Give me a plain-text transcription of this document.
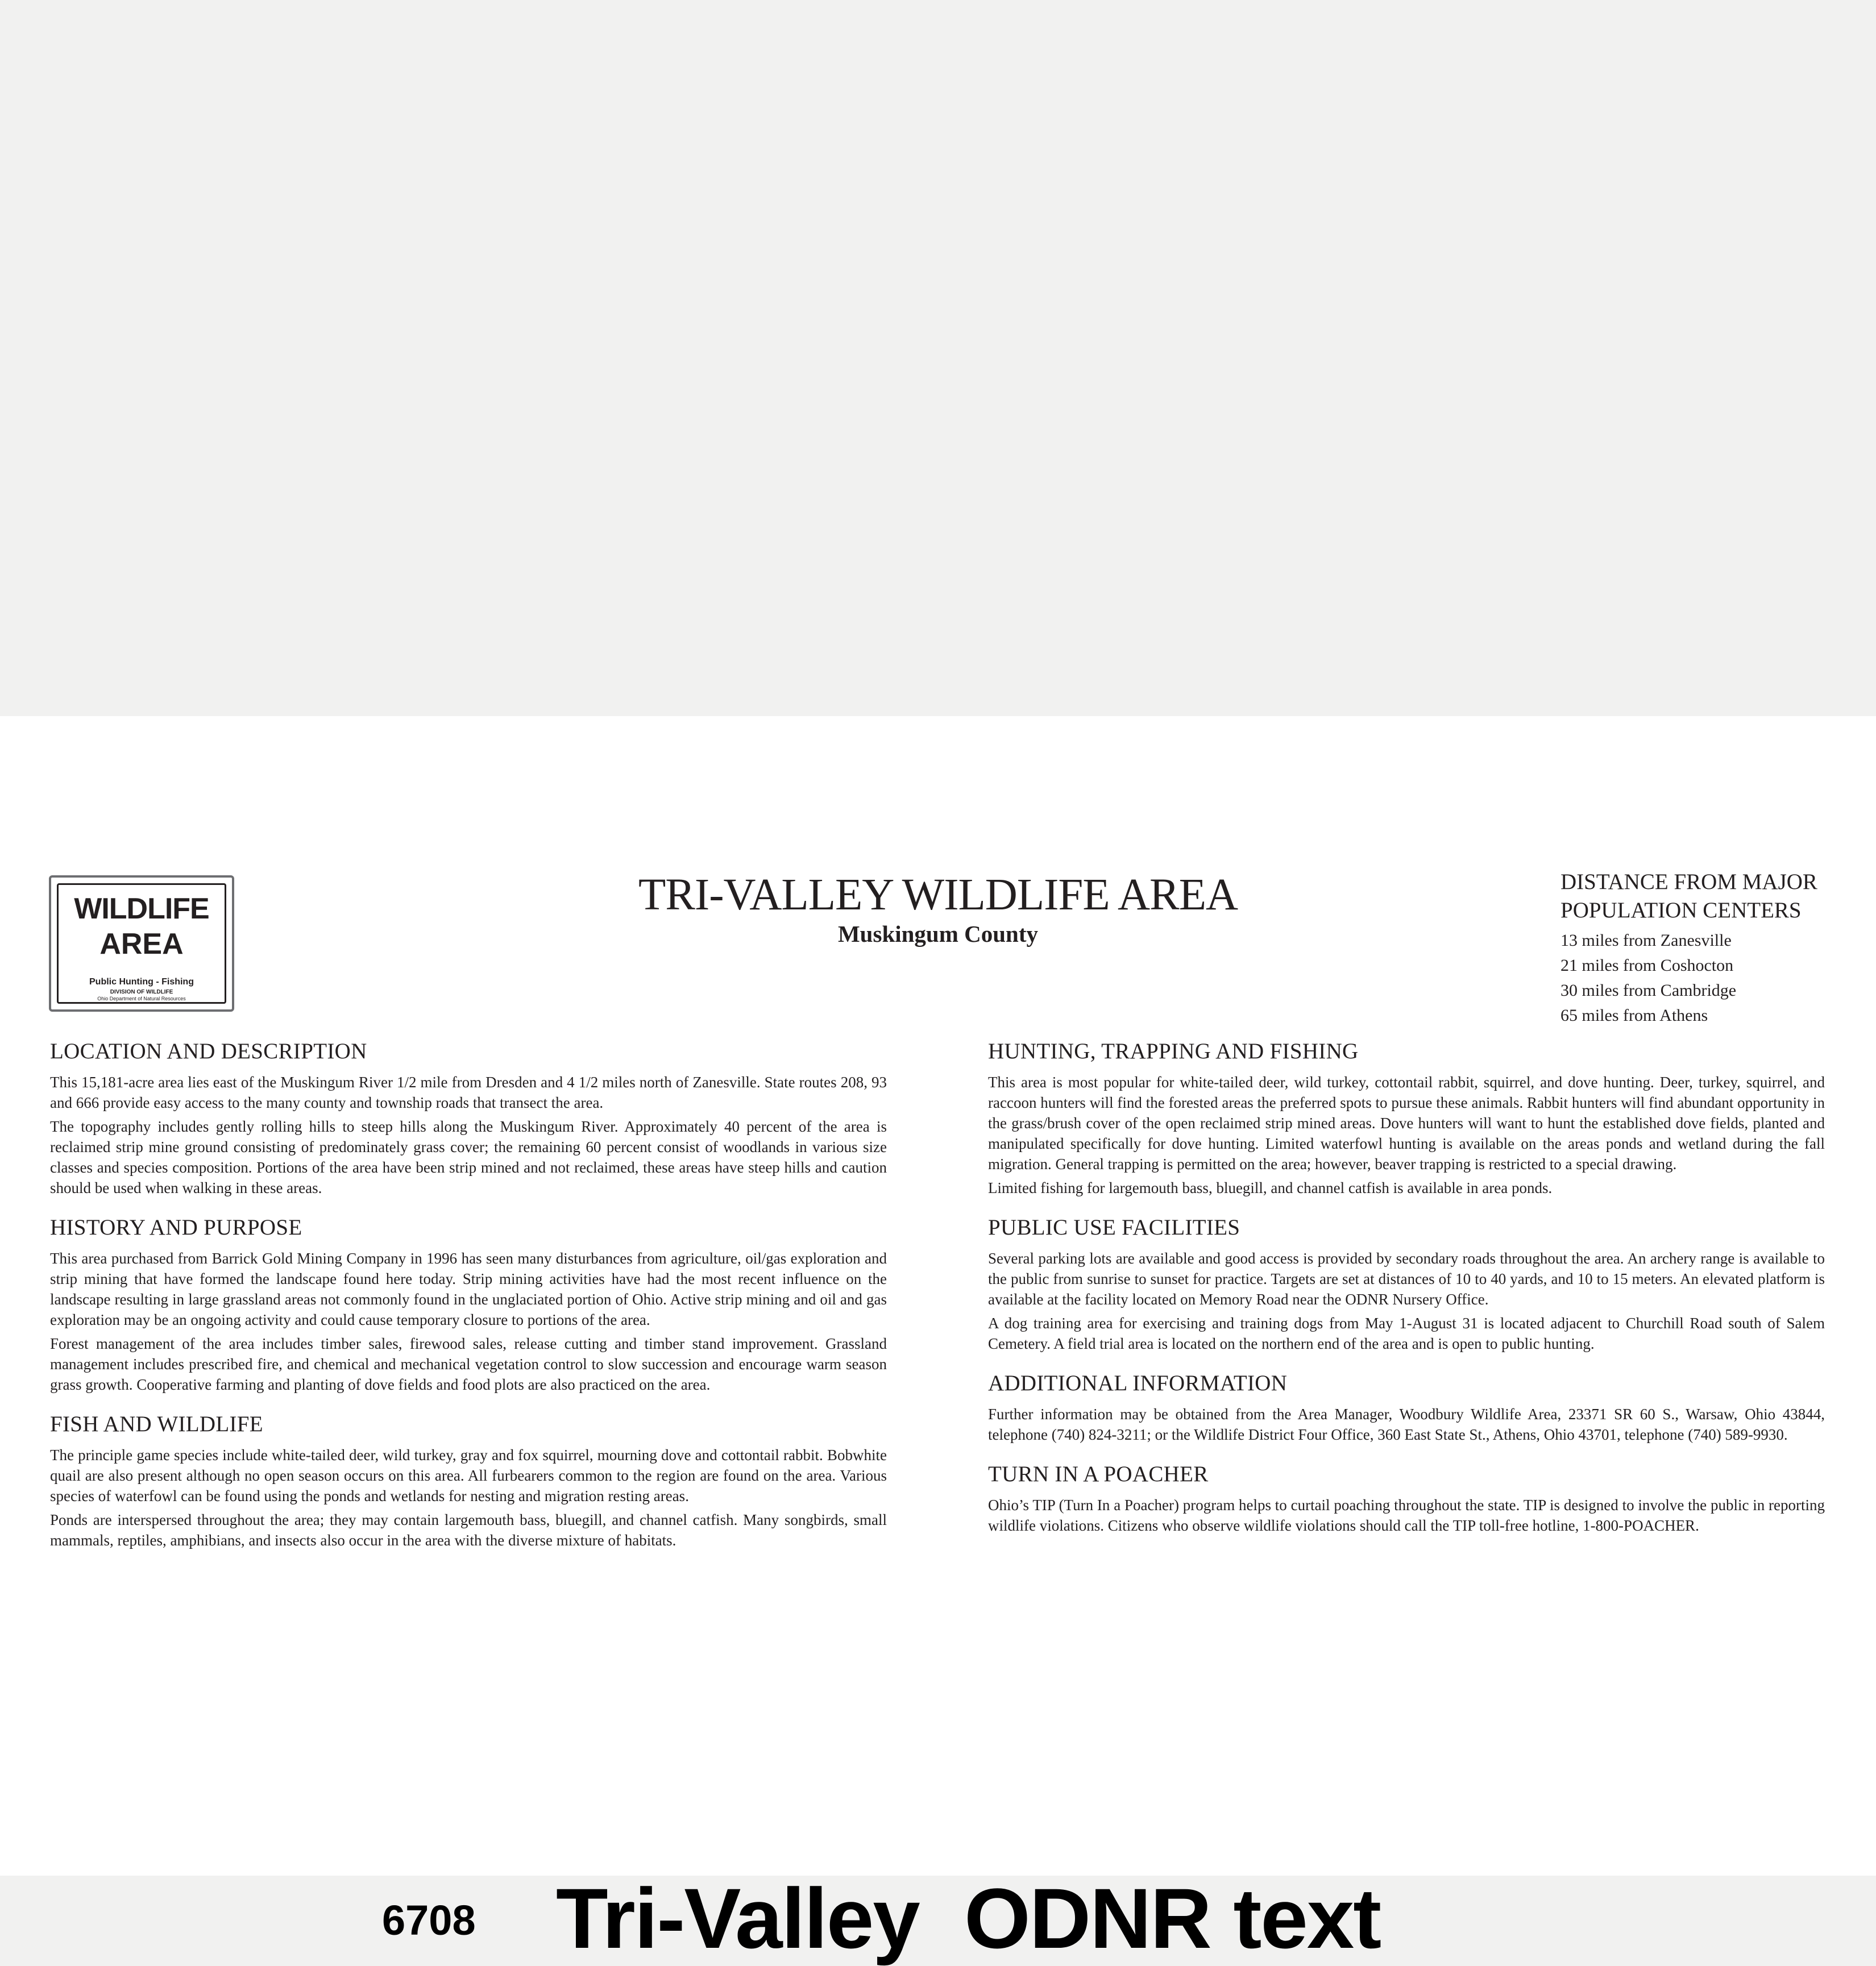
WILDLIFE
AREA
Public Hunting - Fishing
DIVISION OF WILDLIFE
Ohio Department of Natural Resources
TRI-VALLEY WILDLIFE AREA
Muskingum County
DISTANCE FROM MAJOR
POPULATION CENTERS
13 miles from Zanesville
21 miles from Coshocton
30 miles from Cambridge
65 miles from Athens
LOCATION AND DESCRIPTION

This 15,181-acre area lies east of the Muskingum River 1/2 mile from Dresden and 4 1/2 miles north of Zanesville. State routes 208, 93 and 666 provide easy access to the many county and township roads that transect the area.

The topography includes gently rolling hills to steep hills along the Muskingum River. Approximately 40 percent of the area is reclaimed strip mine ground consisting of predominately grass cover; the remaining 60 percent consist of woodlands in various size classes and species composition. Portions of the area have been strip mined and not reclaimed, these areas have steep hills and caution should be used when walking in these areas.

HISTORY AND PURPOSE

This area purchased from Barrick Gold Mining Company in 1996 has seen many disturbances from agriculture, oil/gas exploration and strip mining that have formed the landscape found here today. Strip mining activities have had the most recent influence on the landscape resulting in large grassland areas not commonly found in the unglaciated portion of Ohio. Active strip mining and oil and gas exploration may be an ongoing activity and could cause temporary closure to portions of the area.

Forest management of the area includes timber sales, firewood sales, release cutting and timber stand improvement. Grassland management includes prescribed fire, and chemical and mechanical vegetation control to slow succession and encourage warm season grass growth. Cooperative farming and planting of dove fields and food plots are also practiced on the area.

FISH AND WILDLIFE

The principle game species include white-tailed deer, wild turkey, gray and fox squirrel, mourning dove and cottontail rabbit. Bobwhite quail are also present although no open season occurs on this area. All furbearers common to the region are found on the area. Various species of waterfowl can be found using the ponds and wetlands for nesting and migration resting areas.

Ponds are interspersed throughout the area; they may contain largemouth bass, bluegill, and channel catfish. Many songbirds, small mammals, reptiles, amphibians, and insects also occur in the area with the diverse mixture of habitats.

HUNTING, TRAPPING AND FISHING

This area is most popular for white-tailed deer, wild turkey, cottontail rabbit, squirrel, and dove hunting. Deer, turkey, squirrel, and raccoon hunters will find the forested areas the preferred spots to pursue these animals. Rabbit hunters will find abundant opportunity in the grass/brush cover of the open reclaimed strip mined areas. Dove hunters will want to hunt the established dove fields, planted and manipulated specifically for dove hunting. Limited waterfowl hunting is available on the areas ponds and wetland during the fall migration. General trapping is permitted on the area; however, beaver trapping is restricted to a special drawing.

Limited fishing for largemouth bass, bluegill, and channel catfish is available in area ponds.

PUBLIC USE FACILITIES

Several parking lots are available and good access is provided by secondary roads throughout the area. An archery range is available to the public from sunrise to sunset for practice. Targets are set at distances of 10 to 40 yards, and 10 to 15 meters. An elevated platform is available at the facility located on Memory Road near the ODNR Nursery Office.

A dog training area for exercising and training dogs from May 1-August 31 is located adjacent to Churchill Road south of Salem Cemetery. A field trial area is located on the northern end of the area and is open to public hunting.

ADDITIONAL INFORMATION

Further information may be obtained from the Area Manager, Woodbury Wildlife Area, 23371 SR 60 S., Warsaw, Ohio 43844, telephone (740) 824-3211; or the Wildlife District Four Office, 360 East State St., Athens, Ohio 43701, telephone (740) 589-9930.

TURN IN A POACHER

Ohio’s TIP (Turn In a Poacher) program helps to curtail poaching throughout the state. TIP is designed to involve the public in reporting wildlife violations. Citizens who observe wildlife violations should call the TIP toll-free hotline, 1-800-POACHER.

6708 Tri-Valley  ODNR text
